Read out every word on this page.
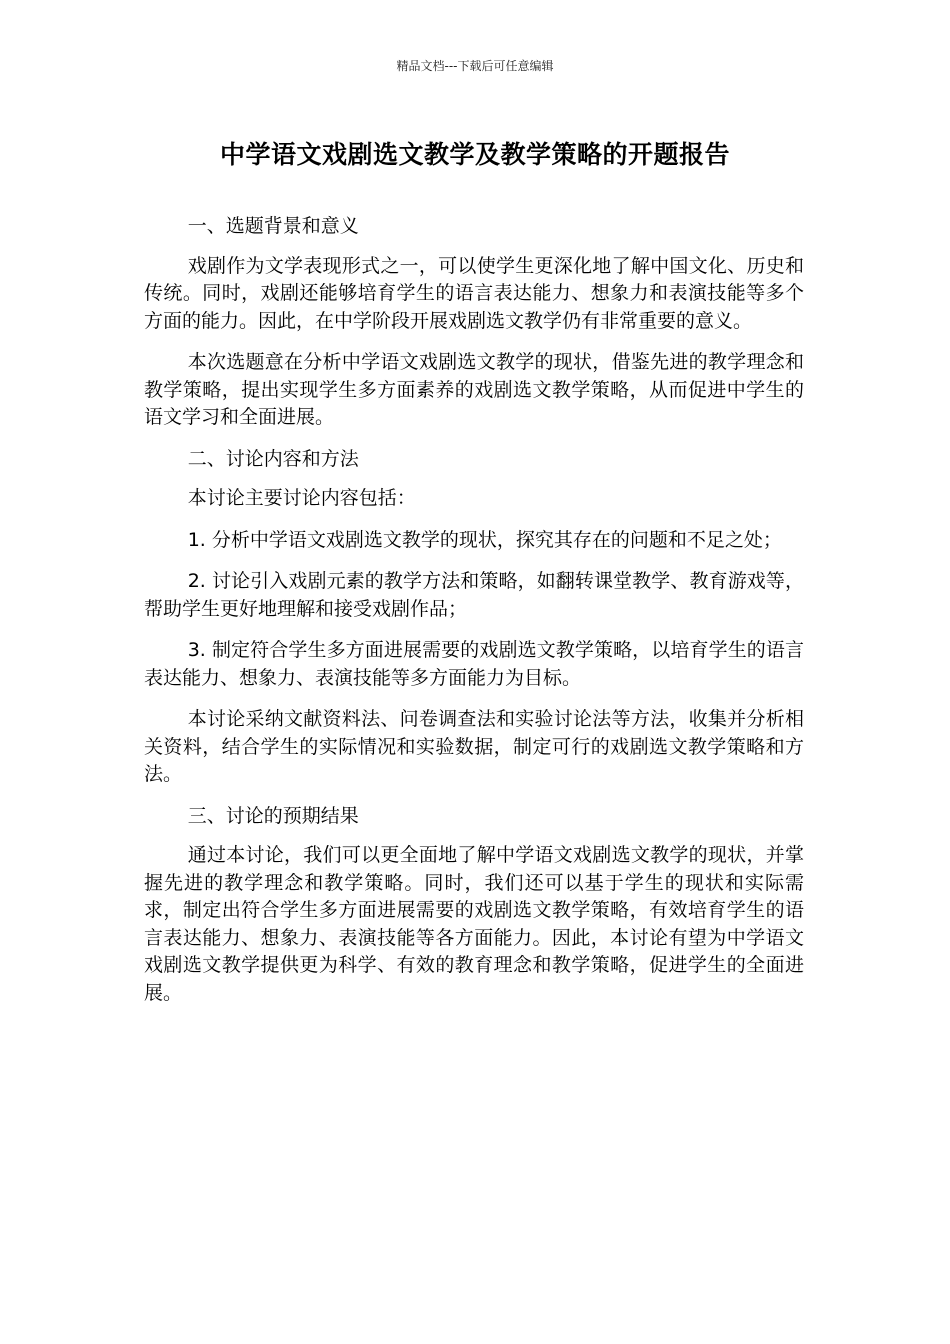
精品文档---下载后可任意编辑
中学语文戏剧选文教学及教学策略的开题报告

一、选题背景和意义

戏剧作为文学表现形式之一，可以使学生更深化地了解中国文化、历史和传统。同时，戏剧还能够培育学生的语言表达能力、想象力和表演技能等多个方面的能力。因此，在中学阶段开展戏剧选文教学仍有非常重要的意义。

本次选题意在分析中学语文戏剧选文教学的现状，借鉴先进的教学理念和教学策略，提出实现学生多方面素养的戏剧选文教学策略，从而促进中学生的语文学习和全面进展。

二、讨论内容和方法

本讨论主要讨论内容包括：

1. 分析中学语文戏剧选文教学的现状，探究其存在的问题和不足之处；

2. 讨论引入戏剧元素的教学方法和策略，如翻转课堂教学、教育游戏等，帮助学生更好地理解和接受戏剧作品；

3. 制定符合学生多方面进展需要的戏剧选文教学策略，以培育学生的语言表达能力、想象力、表演技能等多方面能力为目标。

本讨论采纳文献资料法、问卷调查法和实验讨论法等方法，收集并分析相关资料，结合学生的实际情况和实验数据，制定可行的戏剧选文教学策略和方法。

三、讨论的预期结果

通过本讨论，我们可以更全面地了解中学语文戏剧选文教学的现状，并掌握先进的教学理念和教学策略。同时，我们还可以基于学生的现状和实际需求，制定出符合学生多方面进展需要的戏剧选文教学策略，有效培育学生的语言表达能力、想象力、表演技能等各方面能力。因此，本讨论有望为中学语文戏剧选文教学提供更为科学、有效的教育理念和教学策略，促进学生的全面进展。
